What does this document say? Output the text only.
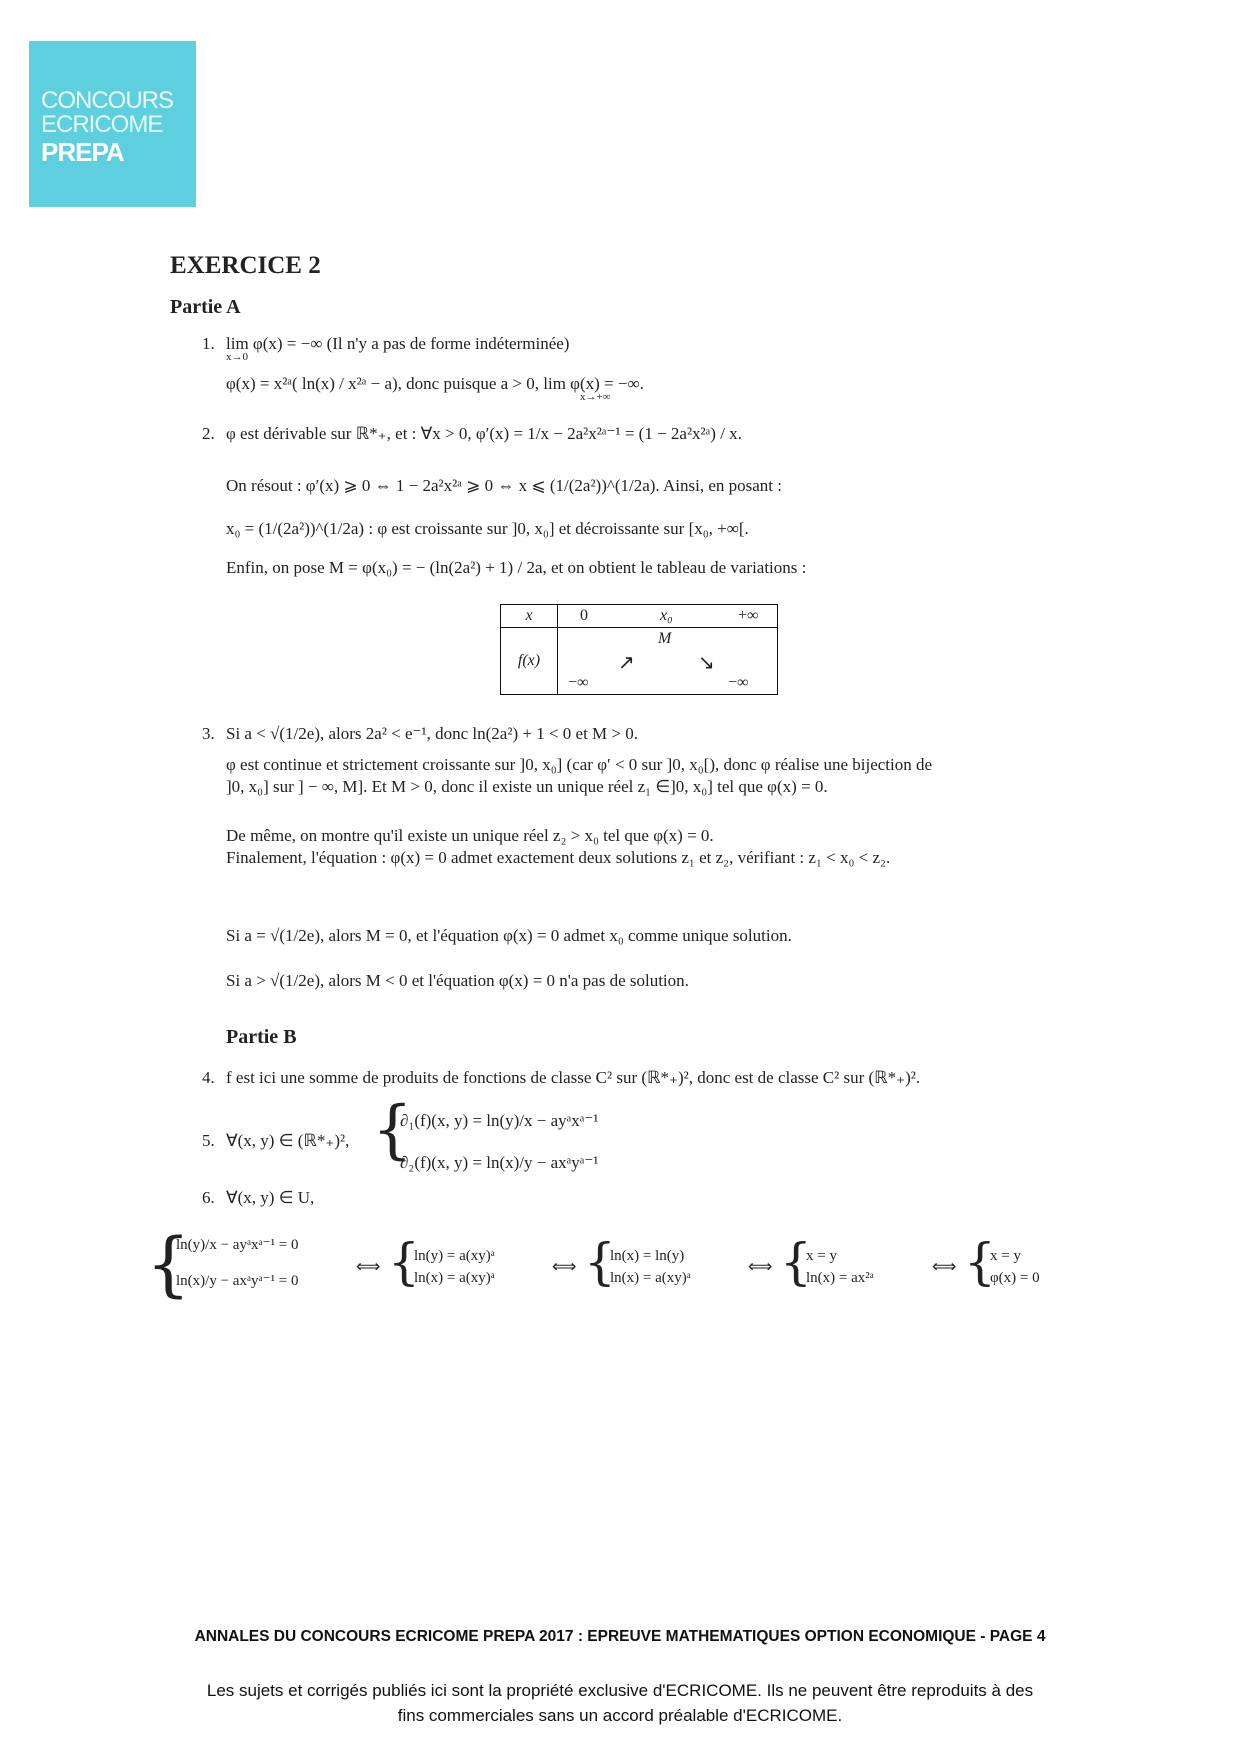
CONCOURS
ECRICOME
PREPA
EXERCICE 2
Partie A
1. lim φ(x) = −∞ (Il n'y a pas de forme indéterminée)
x→0
φ(x) = x²ᵃ( ln(x) / x²ᵃ − a), donc puisque a > 0, lim φ(x) = −∞.
x→+∞
2. φ est dérivable sur ℝ*₊, et : ∀x > 0, φ′(x) = 1/x − 2a²x²ᵃ⁻¹ = (1 − 2a²x²ᵃ) / x.
On résout : φ′(x) ⩾ 0 ⇔ 1 − 2a²x²ᵃ ⩾ 0 ⇔ x ⩽ (1/(2a²))^(1/2a). Ainsi, en posant :
x₀ = (1/(2a²))^(1/2a) : φ est croissante sur ]0, x₀] et décroissante sur [x₀, +∞[.
Enfin, on pose M = φ(x₀) = − (ln(2a²) + 1) / 2a, et on obtient le tableau de variations :
x	0 x₀ +∞

f(x)	M
↗ ↘
−∞ −∞
3. Si a < √(1/2e), alors 2a² < e⁻¹, donc ln(2a²) + 1 < 0 et M > 0.
φ est continue et strictement croissante sur ]0, x₀] (car φ′ < 0 sur ]0, x₀[), donc φ réalise une bijection de
]0, x₀] sur ] − ∞, M]. Et M > 0, donc il existe un unique réel z₁ ∈]0, x₀] tel que φ(x) = 0.
De même, on montre qu'il existe un unique réel z₂ > x₀ tel que φ(x) = 0.
Finalement, l'équation : φ(x) = 0 admet exactement deux solutions z₁ et z₂, vérifiant : z₁ < x₀ < z₂.
Si a = √(1/2e), alors M = 0, et l'équation φ(x) = 0 admet x₀ comme unique solution.
Si a > √(1/2e), alors M < 0 et l'équation φ(x) = 0 n'a pas de solution.
Partie B
4. f est ici une somme de produits de fonctions de classe C² sur (ℝ*₊)², donc est de classe C² sur (ℝ*₊)².
5. ∀(x, y) ∈ (ℝ*₊)², {
∂₁(f)(x, y) = ln(y)/x − ayᵃxᵃ⁻¹
∂₂(f)(x, y) = ln(x)/y − axᵃyᵃ⁻¹
6. ∀(x, y) ∈ U,
{
ln(y)/x − ayᵃxᵃ⁻¹ = 0
ln(x)/y − axᵃyᵃ⁻¹ = 0
⟺ {
ln(y) = a(xy)ᵃ
ln(x) = a(xy)ᵃ
⟺ {
ln(x) = ln(y)
ln(x) = a(xy)ᵃ
⟺ {
x = y
ln(x) = ax²ᵃ
⟺ {
x = y
φ(x) = 0
ANNALES DU CONCOURS ECRICOME PREPA 2017 : EPREUVE MATHEMATIQUES OPTION ECONOMIQUE - PAGE 4
Les sujets et corrigés publiés ici sont la propriété exclusive d'ECRICOME. Ils ne peuvent être reproduits à des
fins commerciales sans un accord préalable d'ECRICOME.
